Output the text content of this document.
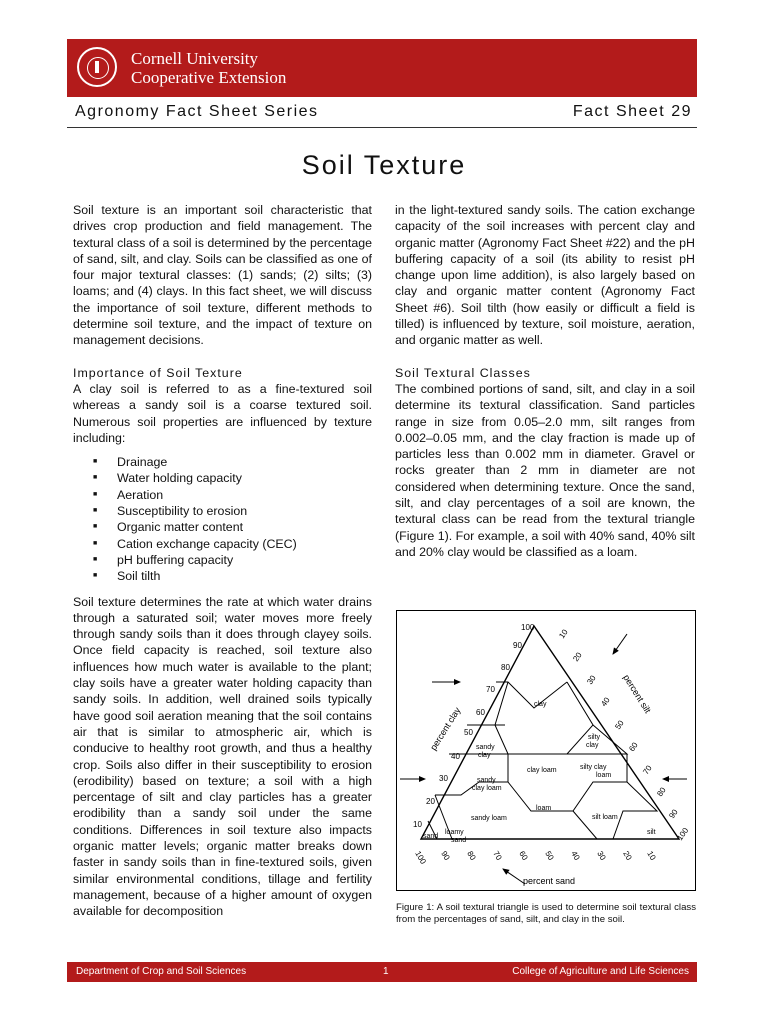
Cornell University
Cooperative Extension
Agronomy Fact Sheet Series	Fact Sheet 29
Soil Texture

Soil texture is an important soil characteristic that drives crop production and field management. The textural class of a soil is determined by the percentage of sand, silt, and clay. Soils can be classified as one of four major textural classes: (1) sands; (2) silts; (3) loams; and (4) clays. In this fact sheet, we will discuss the importance of soil texture, different methods to determine soil texture, and the impact of texture on management decisions.

Importance of Soil Texture

A clay soil is referred to as a fine-textured soil whereas a sandy soil is a coarse textured soil. Numerous soil properties are influenced by texture including:

■ Drainage
■ Water holding capacity
■ Aeration
■ Susceptibility to erosion
■ Organic matter content
■ Cation exchange capacity (CEC)
■ pH buffering capacity
■ Soil tilth

Soil texture determines the rate at which water drains through a saturated soil; water moves more freely through sandy soils than it does through clayey soils. Once field capacity is reached, soil texture also influences how much water is available to the plant; clay soils have a greater water holding capacity than sandy soils. In addition, well drained soils typically have good soil aeration meaning that the soil contains air that is similar to atmospheric air, which is conducive to healthy root growth, and thus a healthy crop. Soils also differ in their susceptibility to erosion (erodibility) based on texture; a soil with a high percentage of silt and clay particles has a greater erodibility than a sandy soil under the same conditions. Differences in soil texture also impacts organic matter levels; organic matter breaks down faster in sandy soils than in fine-textured soils, given similar environmental conditions, tillage and fertility management, because of a higher amount of oxygen available for decomposition

in the light-textured sandy soils. The cation exchange capacity of the soil increases with percent clay and organic matter (Agronomy Fact Sheet #22) and the pH buffering capacity of a soil (its ability to resist pH change upon lime addition), is also largely based on clay and organic matter content (Agronomy Fact Sheet #6). Soil tilth (how easily or difficult a field is tilled) is influenced by texture, soil moisture, aeration, and organic matter as well.

Soil Textural Classes

The combined portions of sand, silt, and clay in a soil determine its textural classification. Sand particles range in size from 0.05–2.0 mm, silt ranges from 0.002–0.05 mm, and the clay fraction is made up of particles less than 0.002 mm in diameter. Gravel or rocks greater than 2 mm in diameter are not considered when determining texture. Once the sand, silt, and clay percentages of a soil are known, the textural class can be read from the textural triangle (Figure 1). For example, a soil with 40% sand, 40% silt and 20% clay would be classified as a loam.

100
90
80
70
60
50
40
30
20
10
10
20
30
40
50
60
70
80
90
100
100 90 80 70 60 50 40 30 20 10
percent clay
percent silt
percent sand
clay
silty
clay
sandy
clay
clay loam	silty clay
loam
sandy
clay loam
loam
silt loam
sandy loam
loamy
sand
sand
silt
Figure 1: A soil textural triangle is used to determine soil textural class from the percentages of sand, silt, and clay in the soil.
Department of Crop and Soil Sciences	1	College of Agriculture and Life Sciences
